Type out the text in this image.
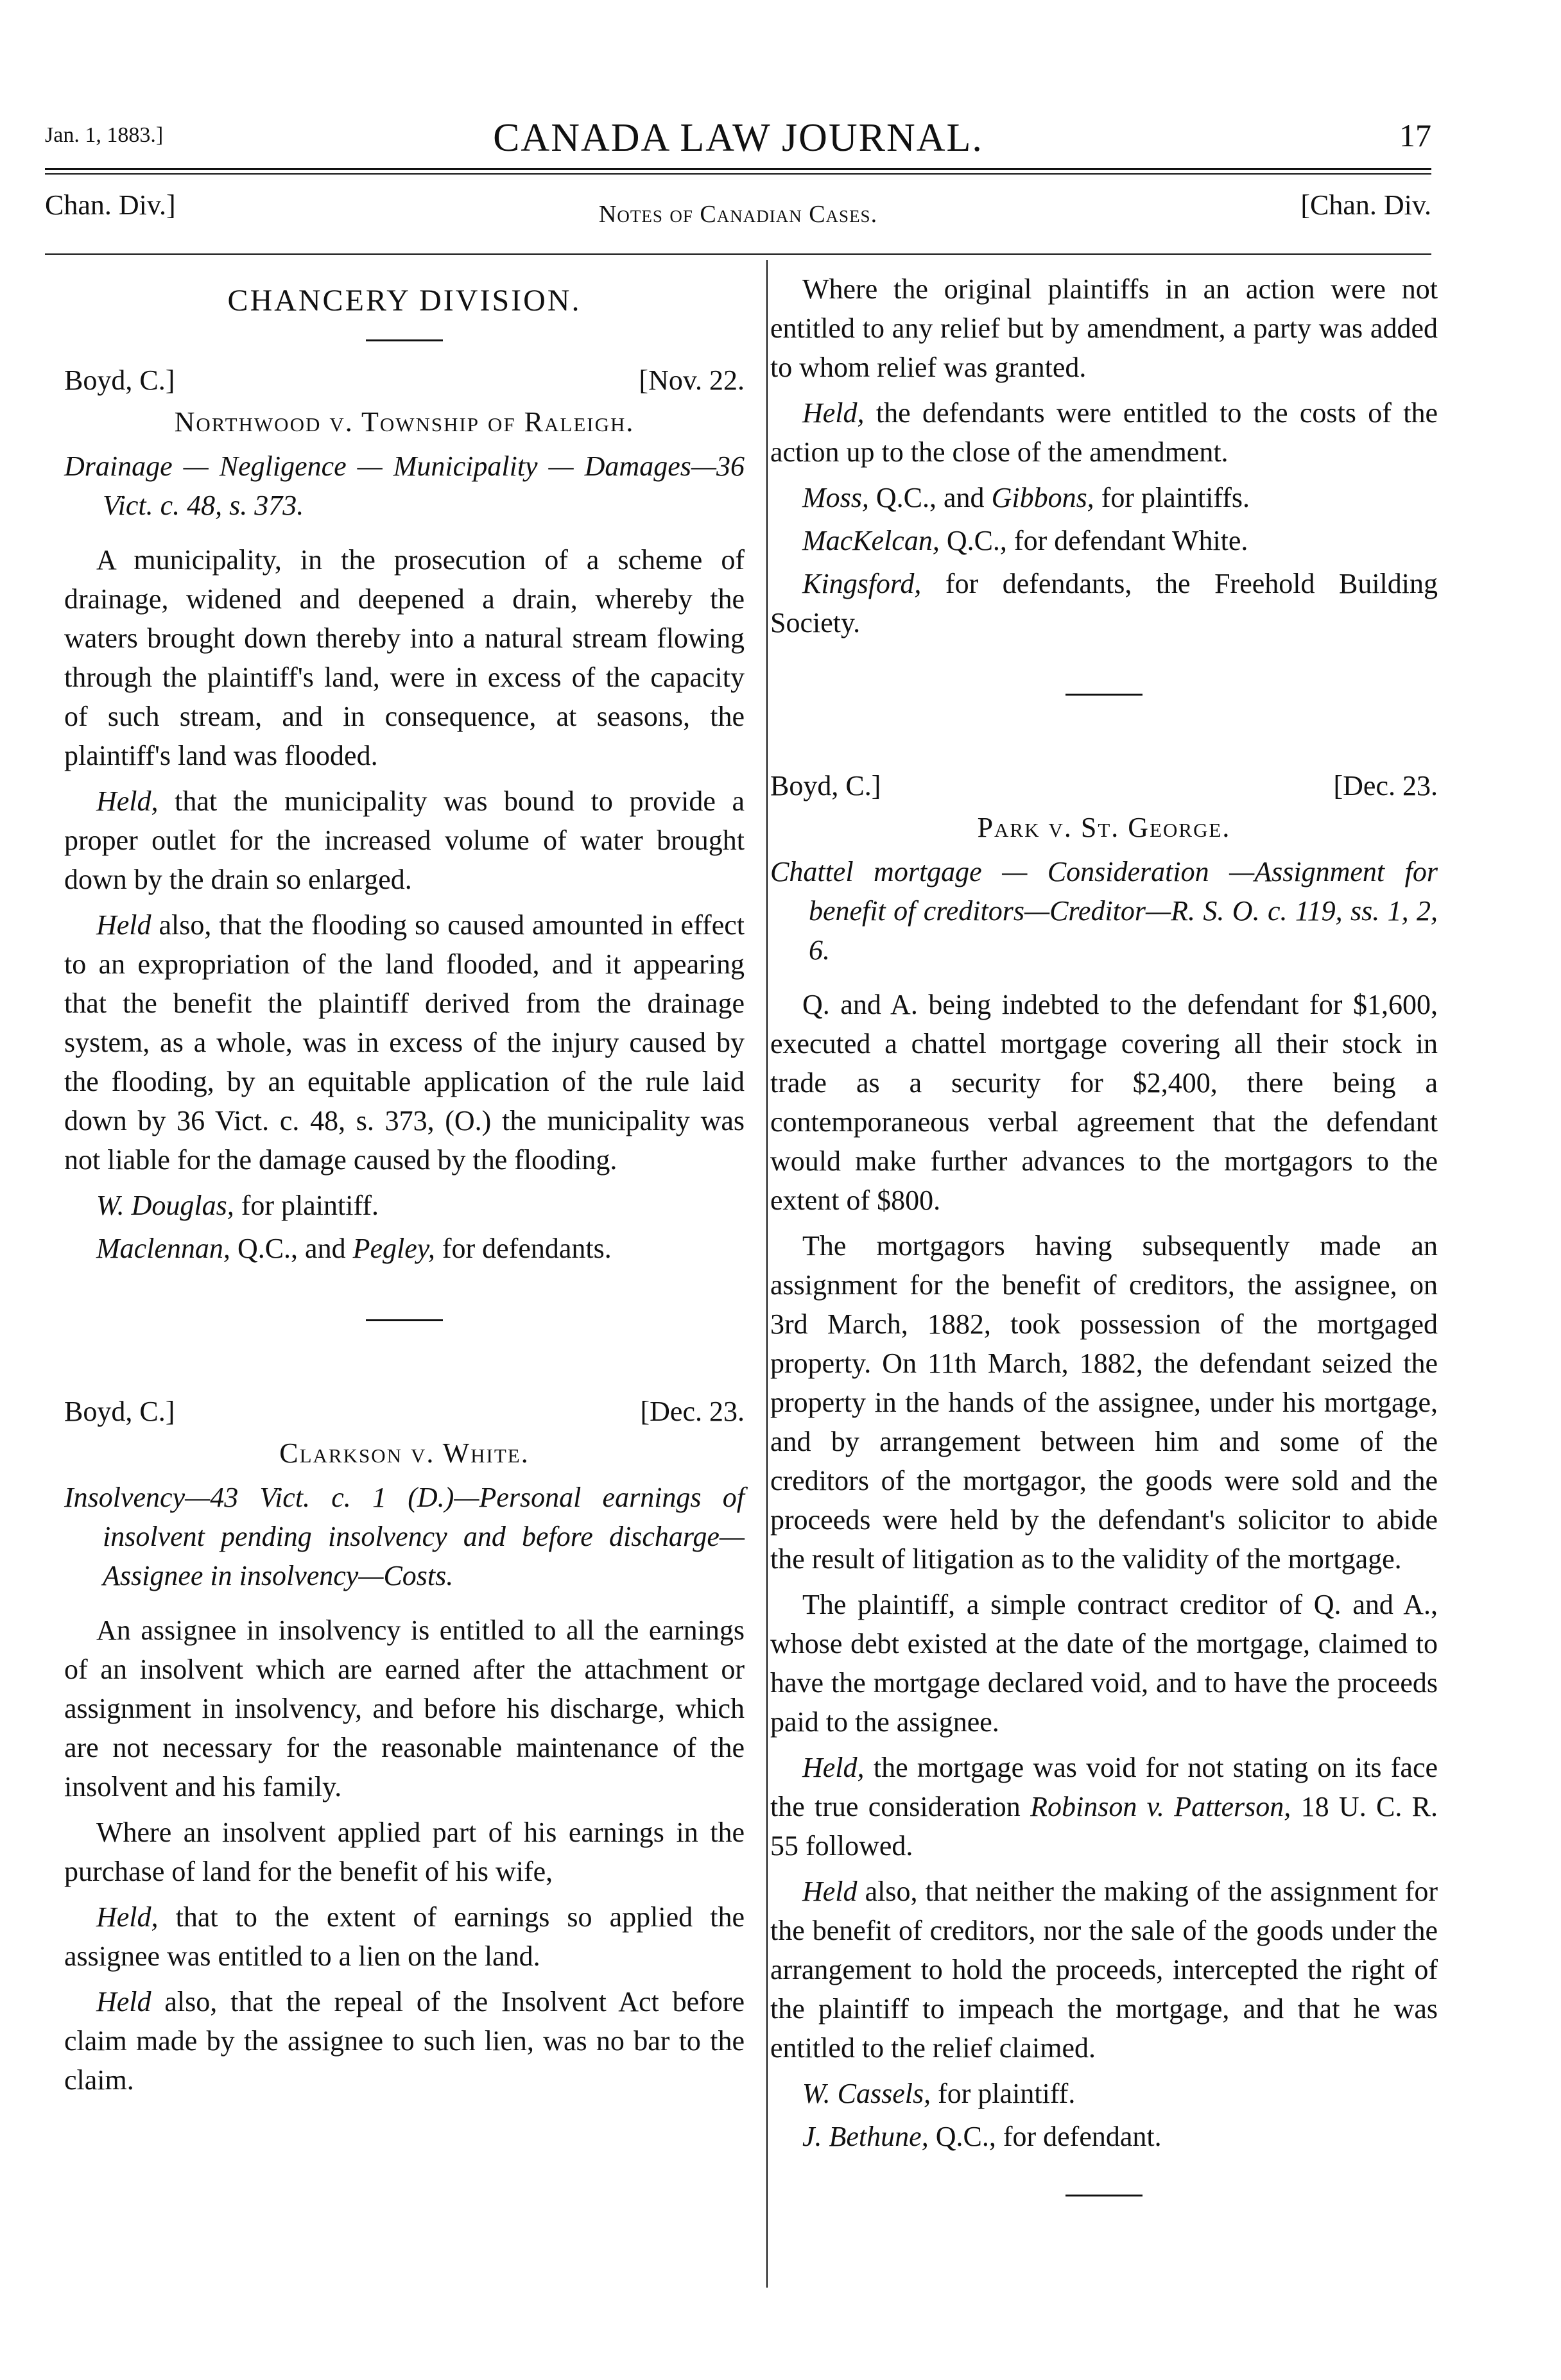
Jan. 1, 1883.]	CANADA LAW JOURNAL.	17
Chan. Div.]	Notes of Canadian Cases.	[Chan. Div.
CHANCERY DIVISION.
Boyd, C.]	[Nov. 22.
Northwood v. Township of Raleigh.
Drainage — Negligence — Municipality — Damages—36 Vict. c. 48, s. 373.

A municipality, in the prosecution of a scheme of drainage, widened and deepened a drain, whereby the waters brought down thereby into a natural stream flowing through the plaintiff's land, were in excess of the capacity of such stream, and in consequence, at seasons, the plaintiff's land was flooded.

Held, that the municipality was bound to provide a proper outlet for the increased volume of water brought down by the drain so enlarged.

Held also, that the flooding so caused amounted in effect to an expropriation of the land flooded, and it appearing that the benefit the plaintiff derived from the drainage system, as a whole, was in excess of the injury caused by the flooding, by an equitable application of the rule laid down by 36 Vict. c. 48, s. 373, (O.) the municipality was not liable for the damage caused by the flooding.

W. Douglas, for plaintiff.
Maclennan, Q.C., and Pegley, for defendants.
Boyd, C.]	[Dec. 23.
Clarkson v. White.
Insolvency—43 Vict. c. 1 (D.)—Personal earnings of insolvent pending insolvency and before discharge—Assignee in insolvency—Costs.

An assignee in insolvency is entitled to all the earnings of an insolvent which are earned after the attachment or assignment in insolvency, and before his discharge, which are not necessary for the reasonable maintenance of the insolvent and his family.

Where an insolvent applied part of his earnings in the purchase of land for the benefit of his wife,

Held, that to the extent of earnings so applied the assignee was entitled to a lien on the land.

Held also, that the repeal of the Insolvent Act before claim made by the assignee to such lien, was no bar to the claim.

Where the original plaintiffs in an action were not entitled to any relief but by amendment, a party was added to whom relief was granted.

Held, the defendants were entitled to the costs of the action up to the close of the amendment.

Moss, Q.C., and Gibbons, for plaintiffs.
MacKelcan, Q.C., for defendant White.
Kingsford, for defendants, the Freehold Building Society.
Boyd, C.]	[Dec. 23.
Park v. St. George.
Chattel mortgage — Consideration —Assignment for benefit of creditors—Creditor—R. S. O. c. 119, ss. 1, 2, 6.

Q. and A. being indebted to the defendant for $1,600, executed a chattel mortgage covering all their stock in trade as a security for $2,400, there being a contemporaneous verbal agreement that the defendant would make further advances to the mortgagors to the extent of $800.

The mortgagors having subsequently made an assignment for the benefit of creditors, the assignee, on 3rd March, 1882, took possession of the mortgaged property. On 11th March, 1882, the defendant seized the property in the hands of the assignee, under his mortgage, and by arrangement between him and some of the creditors of the mortgagor, the goods were sold and the proceeds were held by the defendant's solicitor to abide the result of litigation as to the validity of the mortgage.

The plaintiff, a simple contract creditor of Q. and A., whose debt existed at the date of the mortgage, claimed to have the mortgage declared void, and to have the proceeds paid to the assignee.

Held, the mortgage was void for not stating on its face the true consideration Robinson v. Patterson, 18 U. C. R. 55 followed.

Held also, that neither the making of the assignment for the benefit of creditors, nor the sale of the goods under the arrangement to hold the proceeds, intercepted the right of the plaintiff to impeach the mortgage, and that he was entitled to the relief claimed.

W. Cassels, for plaintiff.
J. Bethune, Q.C., for defendant.
